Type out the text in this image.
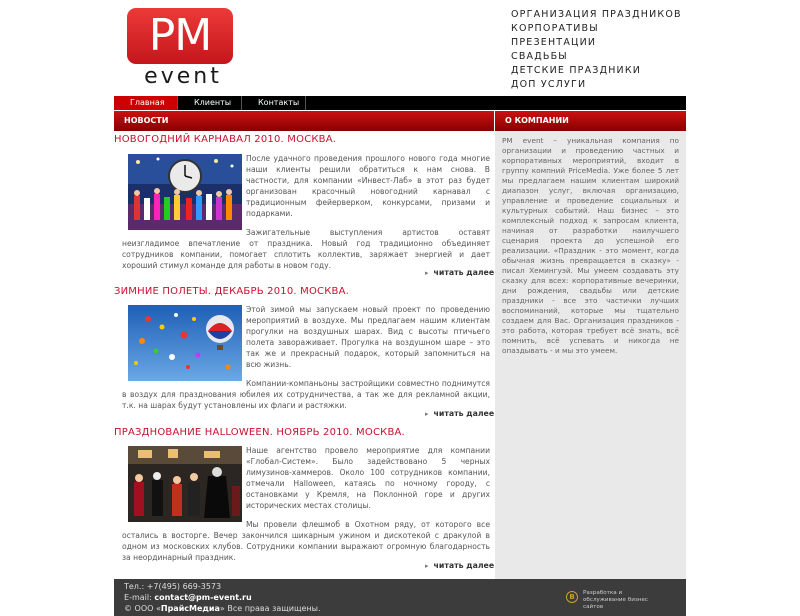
PM
event
ОРГАНИЗАЦИЯ ПРАЗДНИКОВ
КОРПОРАТИВЫ
ПРЕЗЕНТАЦИИ
СВАДЬБЫ
ДЕТСКИЕ ПРАЗДНИКИ
ДОП УСЛУГИ
Главная	Клиенты	Контакты
НОВОСТИ	О КОМПАНИИ
PM event – уникальная компания по организации и проведению частных и корпоративных мероприятий, входит в группу компний PriceMedia. Уже более 5 лет мы предлагаем нашим клиентам широкий диапазон услуг, включая организацию, управление и проведение социальных и культурных событий. Наш бизнес – это комплексный подход к запросам клиента, начиная от разработки наилучшего сценария проекта до успешной его реализации. «Праздник - это момент, когда обычная жизнь превращается в сказку» - писал Хемингуэй. Мы умеем создавать эту сказку для всех: корпоративные вечеринки, дни рождения, свадьбы или детские праздники - все это частички лучших воспоминаний, которые мы тщательно создаем для Вас. Организация праздников - это работа, которая требует всё знать, всё помнить, всё успевать и никогда не опаздывать - и мы это умеем.
НОВОГОДНИЙ КАРНАВАЛ 2010. МОСКВА.

После удачного проведения прошлого нового года многие наши клиенты решили обратиться к нам снова. В частности, для компании «Инвест-Лаб» в этот раз будет организован красочный новогодний карнавал с традиционным фейерверком, конкурсами, призами и подарками.

Зажигательные выступления артистов оставят неизгладимое впечатление от праздника. Новый год традиционно объединяет сотрудников компании, помогает сплотить коллектив, заряжает энергией и дает хороший стимул команде для работы в новом году.

▸ читать далее
ЗИМНИЕ ПОЛЕТЫ. ДЕКАБРЬ 2010. МОСКВА.

Этой зимой мы запускаем новый проект по проведению мероприятий в воздухе. Мы предлагаем нашим клиентам прогулки на воздушных шарах. Вид с высоты птичьего полета завораживает. Прогулка на воздушном шаре – это так же и прекрасный подарок, который запомниться на всю жизнь.

Компании-компаньоны застройщики совместно поднимутся в воздух для празднования юбилея их сотрудничества, а так же для рекламной акции, т.к. на шарах будут установлены их флаги и растяжки.

▸ читать далее
ПРАЗДНОВАНИЕ HALLOWEEN. НОЯБРЬ 2010. МОСКВА.

Наше агентство провело мероприятие для компании «Глобал-Систем». Было задействовано 5 черных лимузинов-хаммеров. Около 100 сотрудников компании, отмечали Halloween, катаясь по ночному городу, с остановками у Кремля, на Поклонной горе и других исторических местах столицы.

Мы провели флешмоб в Охотном ряду, от которого все остались в восторге. Вечер закончился шикарным ужином и дискотекой с дракулой в одном из московских клубов. Сотрудники компании выражают огромную благодарность за неординарный праздник.

▸ читать далее
Тел.: +7(495) 669-3573
E-mail: contact@pm-event.ru
© ООО «ПрайсМедиа» Все права защищены.
B	Разработка и обслуживание бизнес сайтов
